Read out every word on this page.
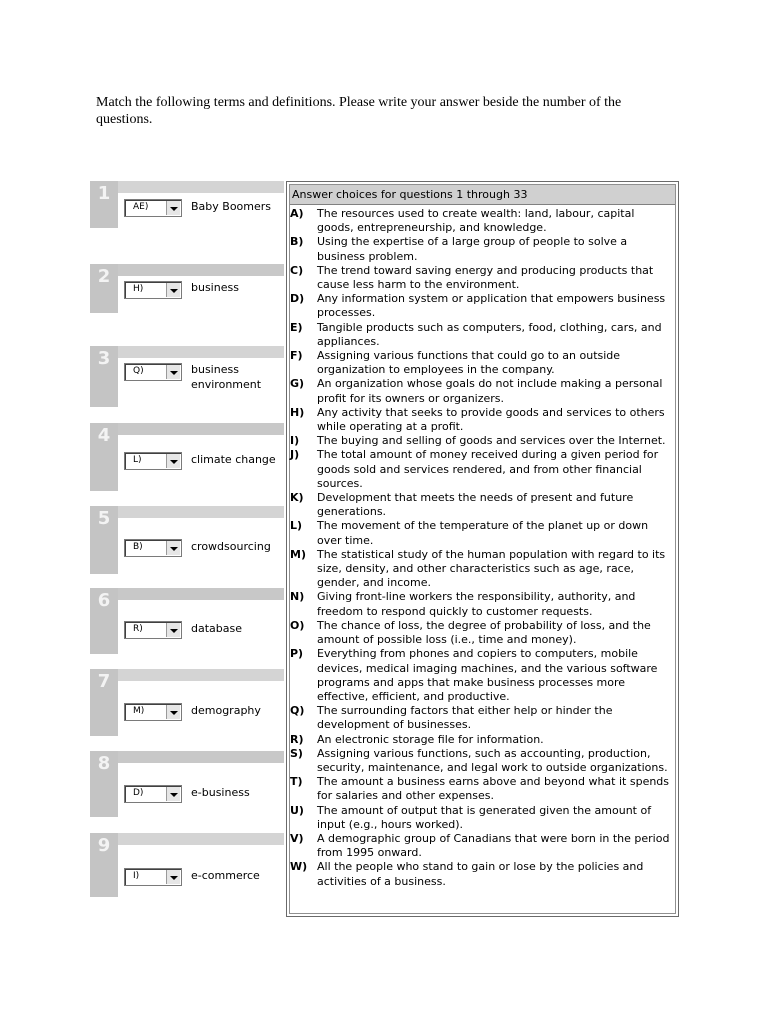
Match the following terms and definitions. Please write your answer beside the number of the questions.
1
AE)	Baby Boomers
2
H)	business
3
Q)	business environment
4
L)	climate change
5
B)	crowdsourcing
6
R)	database
7
M)	demography
8
D)	e-business
9
I)	e-commerce
Answer choices for questions 1 through 33
A)	The resources used to create wealth: land, labour, capital goods, entrepreneurship, and knowledge.
B)	Using the expertise of a large group of people to solve a business problem.
C)	The trend toward saving energy and producing products that cause less harm to the environment.
D)	Any information system or application that empowers business processes.
E)	Tangible products such as computers, food, clothing, cars, and appliances.
F)	Assigning various functions that could go to an outside organization to employees in the company.
G)	An organization whose goals do not include making a personal profit for its owners or organizers.
H)	Any activity that seeks to provide goods and services to others while operating at a profit.
I)	The buying and selling of goods and services over the Internet.
J)	The total amount of money received during a given period for goods sold and services rendered, and from other financial sources.
K)	Development that meets the needs of present and future generations.
L)	The movement of the temperature of the planet up or down over time.
M)	The statistical study of the human population with regard to its size, density, and other characteristics such as age, race, gender, and income.
N)	Giving front-line workers the responsibility, authority, and freedom to respond quickly to customer requests.
O)	The chance of loss, the degree of probability of loss, and the amount of possible loss (i.e., time and money).
P)	Everything from phones and copiers to computers, mobile devices, medical imaging machines, and the various software programs and apps that make business processes more effective, efficient, and productive.
Q)	The surrounding factors that either help or hinder the development of businesses.
R)	An electronic storage file for information.
S)	Assigning various functions, such as accounting, production, security, maintenance, and legal work to outside organizations.
T)	The amount a business earns above and beyond what it spends for salaries and other expenses.
U)	The amount of output that is generated given the amount of input (e.g., hours worked).
V)	A demographic group of Canadians that were born in the period from 1995 onward.
W) All the people who stand to gain or lose by the policies and activities of a business.
